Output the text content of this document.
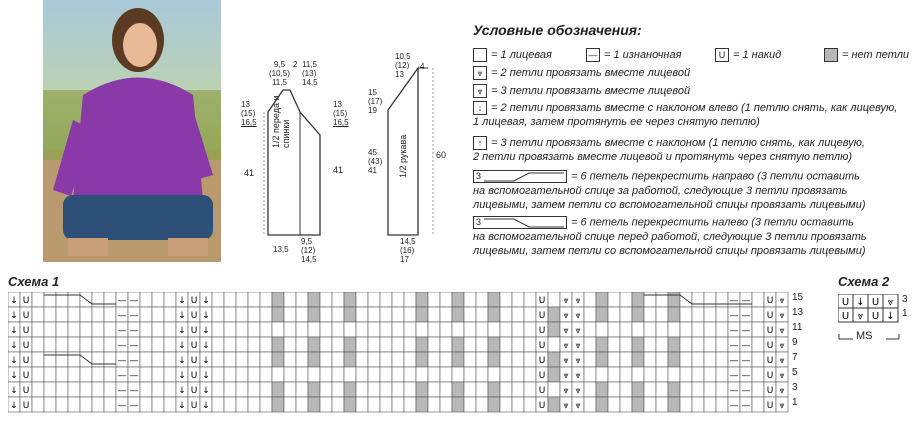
9,5
(10,5)
11,5
2 11,5
(13)
14,5
13
(15)
16,5
13
(15)
16,5
41	41
1/2 переда и спинки
13,5
9,5
(12)
14,5
10,5
(12)
13
4
15
(17)
19
45
(43)
41
60
1/2 рукава
14,5
(16)
17
Условные обозначения:
= 1 лицевая	— = 1 изнаночная	U = 1 накид	= нет петли
⩔ = 2 петли провязать вместе лицевой
⩔ = 3 петли провязать вместе лицевой
↓ = 2 петли провязать вместе с наклоном влево (1 петлю снять, как лицевую,
1 лицевая, затем протянуть ее через снятую петлю)
↑ = 3 петли провязать вместе с наклоном (1 петлю снять, как лицевую,
2 петли провязать вместе лицевой и протянуть через снятую петлю)
3	= 6 петель перекрестить направо (3 петли оставить
на вспомогательной спице за работой, следующие 3 петли провязать
лицевыми, затем петли со вспомогательной спицы провязать лицевыми)
3	= 6 петель перекрестить налево (3 петли оставить
на вспомогательной спице перед работой, следующие 3 петли провязать
лицевыми, затем петли со вспомогательной спицы провязать лицевыми)
Схема 1
↓ U	— —	↓ U ↓	U ⩔ ⩔	— — U ⩔
↓ U	— —	↓ U ↓	U ⩔ ⩔	— — U ⩔
↓ U	— —	↓ U ↓	U ⩔ ⩔	— — U ⩔
↓ U	— —	↓ U ↓	U ⩔ ⩔	— — U ⩔
↓ U	— —	↓ U ↓	U ⩔ ⩔	— — U ⩔
↓ U	— —	↓ U ↓	U ⩔ ⩔	— — U ⩔
↓ U	— —	↓ U ↓	U ⩔ ⩔	— — U ⩔
↓ U	— —	↓ U ↓	U ⩔ ⩔	— — U ⩔
15
13
11
9
7
5
3
1
Схема 2
U ↓ U ⩔
U ⩔ U ↓
3
1
MS
